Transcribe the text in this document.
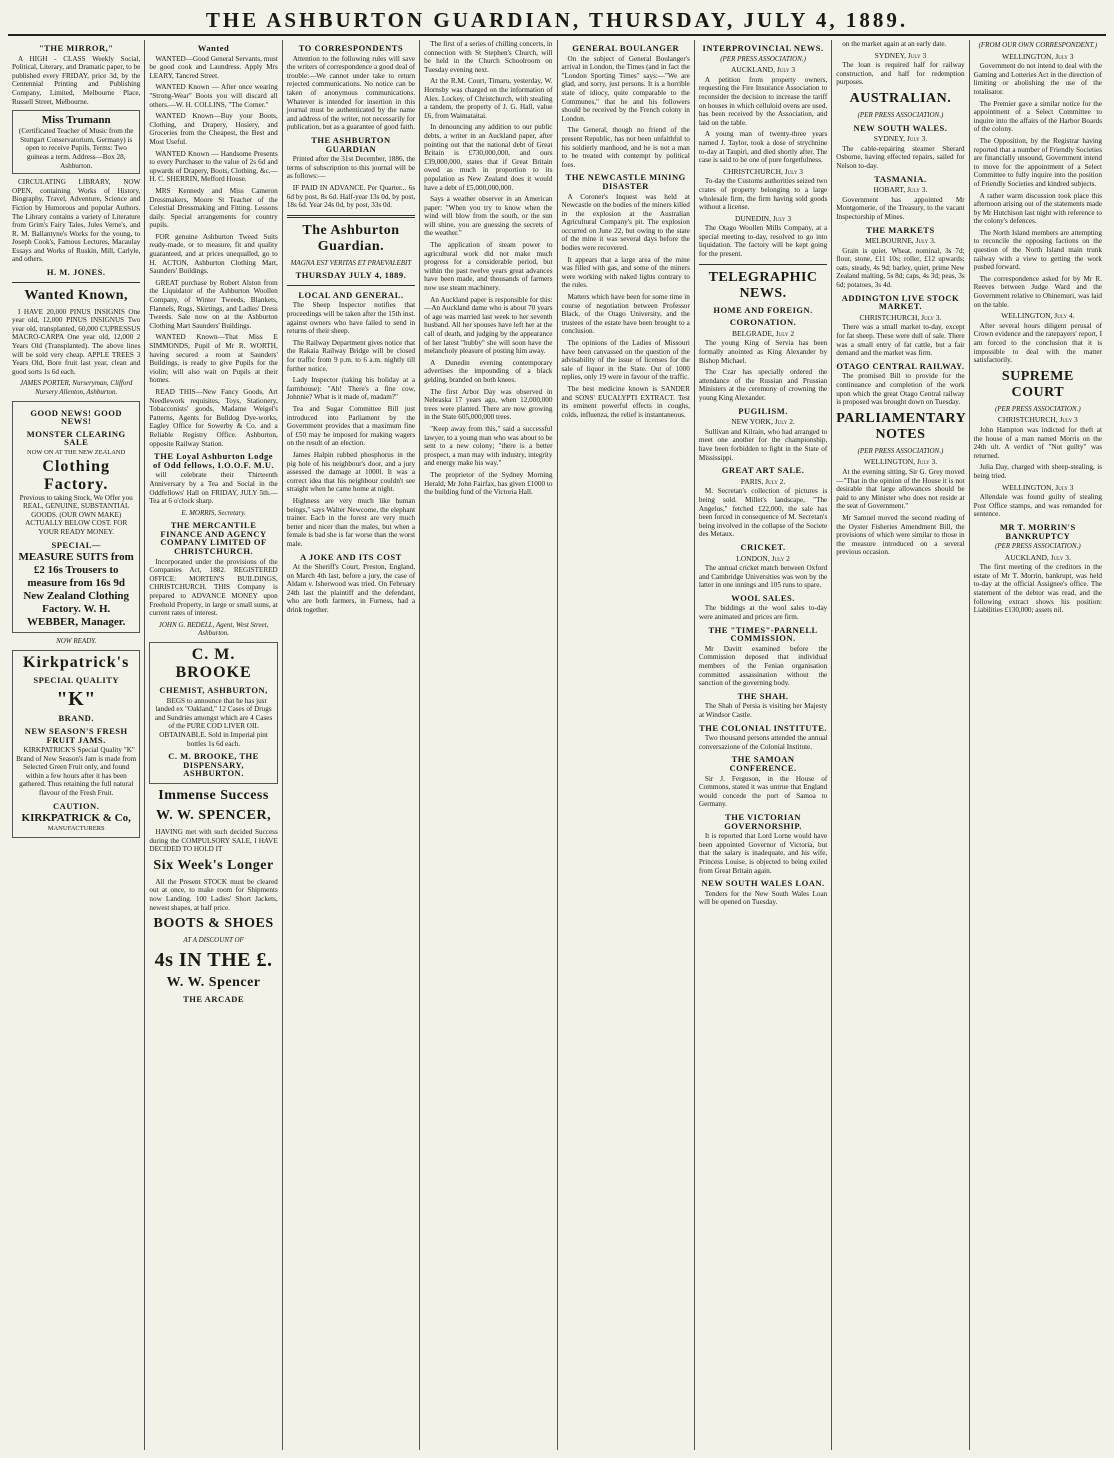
THE ASHBURTON GUARDIAN, THURSDAY, JULY 4, 1889.
"THE MIRROR,"

A HIGH - CLASS Weekly Social, Political, Literary, and Dramatic paper, to be published every FRIDAY, price 3d, by the Centennial Printing and Publishing Company, Limited, Melbourne Place, Russell Street, Melbourne.

Miss Trumann
(Certificated Teacher of Music from the Stuttgart Conservatorium, Germany) is open to receive Pupils. Terms: Two guineas a term. Address—Box 28, Ashburton.

CIRCULATING LIBRARY, NOW OPEN, containing Works of History, Biography, Travel, Adventure, Science and Fiction by Humorous and popular Authors. The Library contains a variety of Literature from Grim's Fairy Tales, Jules Verne's, and R. M. Ballantyne's Works for the young, to Joseph Cook's, Famous Lectures, Macaulay Essays and Works of Ruskin, Mill, Carlyle, and others.

H. M. JONES.
Wanted Known,

I HAVE 20,000 PINUS INSIGNIS One year old, 12,000 PINUS INSIGNUS Two year old, transplanted, 60,000 CUPRESSUS MACRO-CARPA One year old, 12,000 2 Years Old (Transplanted). The above lines will be sold very cheap. APPLE TREES 3 Years Old, Bore fruit last year, clean and good sorts 1s 6d each.

JAMES PORTER, Nurseryman, Clifford Nursery Allenton, Ashburton.
GOOD NEWS! GOOD NEWS!
MONSTER CLEARING SALE
NOW ON AT THE NEW ZEALAND
Clothing Factory.
Previous to taking Stock, We Offer you REAL, GENUINE, SUBSTANTIAL GOODS. (OUR OWN MAKE) ACTUALLY BELOW COST. FOR YOUR READY MONEY.
SPECIAL—
MEASURE SUITS from £2 16s Trousers to measure from 16s 9d
New Zealand Clothing Factory. W. H. WEBBER, Manager.
NOW READY.
Kirkpatrick's
SPECIAL QUALITY
"K"
BRAND.
NEW SEASON'S FRESH FRUIT JAMS.

KIRKPATRICK'S Special Quality "K" Brand of New Season's Jam is made from Selected Green Fruit only, and found within a few hours after it has been gathered. Thus retaining the full natural flavour of the Fresh Fruit.

CAUTION.
KIRKPATRICK & Co,
MANUFACTURERS
Wanted

WANTED—Good General Servants, must be good cook and Laundress. Apply Mrs LEARY, Tancred Street.

WANTED Known — After once wearing "Strong-Wear" Boots you will discard all others.—W. H. COLLINS, "The Corner."

WANTED Known—Buy your Boots, Clothing, and Drapery, Hosiery, and Groceries from the Cheapest, the Best and Most Useful.

WANTED Known — Handsome Presents to every Purchaser to the value of 2s 6d and upwards of Drapery, Boots, Clothing, &c.—H. C. SHERRIN, Mefford House.

MRS Kennedy and Miss Cameron Dressmakers, Moore St Teacher of the Celestial Dressmaking and Fitting. Lessons daily. Special arrangements for country pupils.

FOR genuine Ashburton Tweed Suits ready-made, or to measure, fit and quality guaranteed, and at prices unequalled, go to H. ACTON, Ashburton Clothing Mart, Saunders' Buildings.

GREAT purchase by Robert Alston from the Liquidator of the Ashburton Woollen Company, of Winter Tweeds, Blankets, Flannels, Rugs, Skirtings, and Ladies' Dress Tweeds. Sale now on at the Ashburton Clothing Mart Saunders' Buildings.

WANTED Known—That Miss E SIMMONDS, Pupil of Mr R. WORTH, having secured a room at Saunders' Buildings, is ready to give Pupils for the violin; will also wait on Pupils at their homes.

READ THIS—New Fancy Goods, Art Needlework requisites, Toys, Stationery, Tobacconists' goods, Madame Weigel's Patterns, Agents for Bulldog Dye-works, Eagley Office for Sowerby & Co. and a Reliable Registry Office. Ashburton, opposite Railway Station.

THE Loyal Ashburton Lodge of Odd fellows, I.O.O.F. M.U.

will celebrate their Thirteenth Anniversary by a Tea and Social in the Oddfellows' Hall on FRIDAY, JULY 5th.—Tea at 6 o'clock sharp.

E. MORRIS, Secretary.
THE MERCANTILE FINANCE AND AGENCY COMPANY LIMITED OF CHRISTCHURCH.

Incorporated under the provisions of the Companies Act, 1882. REGISTERED OFFICE: MORTEN'S BUILDINGS, CHRISTCHURCH. THIS Company is prepared to ADVANCE MONEY upon Freehold Property, in large or small sums, at current rates of interest.

JOHN G. BEDELL, Agent, West Street, Ashburton.
C. M. BROOKE
CHEMIST, ASHBURTON,

BEGS to announce that he has just landed ex "Oakland," 12 Cases of Drugs and Sundries amongst which are 4 Cases of the PURE COD LIVER OIL OBTAINABLE. Sold in Imperial pint bottles 1s 6d each.

C. M. BROOKE, THE DISPENSARY, ASHBURTON.
Immense Success
W. W. SPENCER,

HAVING met with such decided Success during the COMPULSORY SALE, I HAVE DECIDED TO HOLD IT

Six Week's Longer

All the Present STOCK must be cleared out at once, to make room for Shipments now Landing. 100 Ladies' Short Jackets, newest shapes, at half price.

BOOTS & SHOES
AT A DISCOUNT OF
4s IN THE £.
W. W. Spencer
THE ARCADE
TO CORRESPONDENTS

Attention to the following rules will save the writers of correspondence a good deal of trouble:—We cannot under take to return rejected communications. No notice can be taken of anonymous communications. Whatever is intended for insertion in this journal must be authenticated by the name and address of the writer, not necessarily for publication, but as a guarantee of good faith.

THE ASHBURTON GUARDIAN

Printed after the 31st December, 1886, the terms of subscription to this journal will be as follows:—

IF PAID IN ADVANCE. Per Quarter... 6s 6d by post, 8s 6d. Half-year 13s 0d, by post, 18s 6d. Year 24s 0d, by post, 33s 0d.

The Ashburton Guardian.
MAGNA EST VERITAS ET PRAEVALEBIT
THURSDAY JULY 4, 1889.
LOCAL AND GENERAL.

The Sheep Inspector notifies that proceedings will be taken after the 15th inst. against owners who have failed to send in returns of their sheep.

The Railway Department gives notice that the Rakaia Railway Bridge will be closed for traffic from 9 p.m. to 6 a.m. nightly till further notice.

Lady Inspector (taking his holiday at a farmhouse): "Ah! There's a fine cow, Johnnie? What is it made of, madam?"

Tea and Sugar Committee Bill just introduced into Parliament by the Government provides that a maximum fine of £50 may be imposed for making wagers on the result of an election.

James Halpin rubbed phosphorus in the pig hole of his neighbour's door, and a jury assessed the damage at 1000l. It was a correct idea that his neighbour couldn't see straight when he came home at night.

Highness are very much like human beings," says Walter Newcome, the elephant trainer. Each in the forest are very much better and nicer than the males, but when a female is bad she is far worse than the worst male.

A JOKE AND ITS COST

At the Sheriff's Court, Preston, England, on March 4th last, before a jury, the case of Aldam v. Isherwood was tried. On February 24th last the plaintiff and the defendant, who are both farmers, in Furness, had a drink together.

The first of a series of chilling concerts, in connection with St Stephen's Church, will be held in the Church Schoolroom on Tuesday evening next.

At the R.M. Court, Timaru, yesterday, W. Hornsby was charged on the information of Alex. Lockey, of Christchurch, with stealing a tandem, the property of J. G. Hall, value £6, from Waimataitai.

In denouncing any addition to our public debts, a writer in an Auckland paper, after pointing out that the national debt of Great Britain is £730,000,000, and ours £39,000,000, states that if Great Britain owed as much in proportion to its population as New Zealand does it would have a debt of £5,000,000,000.

Says a weather observer in an American paper: "When you try to know when the wind will blow from the south, or the sun will shine, you are guessing the secrets of the weather."

The application of steam power to agricultural work did not make much progress for a considerable period, but within the past twelve years great advances have been made, and thousands of farmers now use steam machinery.

An Auckland paper is responsible for this:—An Auckland dame who is about 70 years of age was married last week to her seventh husband. All her spouses have left her at the call of death, and judging by the appearance of her latest "hubby" she will soon have the melancholy pleasure of posting him away.

A Dunedin evening contemporary advertises the impounding of a black gelding, branded on both knees.

The first Arbor Day was observed in Nebraska 17 years ago, when 12,000,000 trees were planted. There are now growing in the State 605,000,000 trees.

"Keep away from this," said a successful lawyer, to a young man who was about to be sent to a new colony; "there is a better prospect, a man may with industry, integrity and energy make his way."

The proprietor of the Sydney Morning Herald, Mr John Fairfax, has given £1000 to the building fund of the Victoria Hall.

GENERAL BOULANGER

On the subject of General Boulanger's arrival in London, the Times (and in fact the "London Sporting Times" says:—"We are glad, and sorry, just persons. It is a horrible state of idiocy, quite comparable to the Communes," that he and his followers should be received by the French colony in London.

The General, though no friend of the present Republic, has not been unfaithful to his soldierly manhood, and he is not a man to be treated with contempt by political foes.

THE NEWCASTLE MINING DISASTER

A Coroner's Inquest was held at Newcastle on the bodies of the miners killed in the explosion at the Australian Agricultural Company's pit. The explosion occurred on June 22, but owing to the state of the mine it was several days before the bodies were recovered.

It appears that a large area of the mine was filled with gas, and some of the miners were working with naked lights contrary to the rules.

Matters which have been for some time in course of negotiation between Professor Black, of the Otago University, and the trustees of the estate have been brought to a conclusion.

The opinions of the Ladies of Missouri have been canvassed on the question of the advisability of the issue of licenses for the sale of liquor in the State. Out of 1000 replies, only 19 were in favour of the traffic.

The best medicine known is SANDER and SONS' EUCALYPTI EXTRACT. Test its eminent powerful effects in coughs, colds, influenza, the relief is instantaneous.

INTERPROVINCIAL NEWS.
(PER PRESS ASSOCIATION.)
AUCKLAND, July 3

A petition from property owners, requesting the Fire Insurance Association to reconsider the decision to increase the tariff on houses in which celluloid ovens are used, has been received by the Association, and laid on the table.

A young man of twenty-three years named J. Taylor, took a dose of strychnine to-day at Taupiri, and died shortly after. The case is said to be one of pure forgetfulness.

CHRISTCHURCH, July 3

To-day the Customs authorities seized two crates of property belonging to a large wholesale firm, the firm having sold goods without a license.

DUNEDIN, July 3

The Otago Woollen Mills Company, at a special meeting to-day, resolved to go into liquidation. The factory will be kept going for the present.

TELEGRAPHIC NEWS.
HOME AND FOREIGN.
CORONATION.
BELGRADE, July 2

The young King of Servia has been formally anointed as King Alexander by Bishop Michael.

The Czar has specially ordered the attendance of the Russian and Prussian Ministers at the ceremony of crowning the young King Alexander.

PUGILISM.
NEW YORK, July 2.

Sullivan and Kilrain, who had arranged to meet one another for the championship, have been forbidden to fight in the State of Mississippi.

GREAT ART SALE.
PARIS, July 2.

M. Secretan's collection of pictures is being sold. Millet's landscape, "The Angelus," fetched £22,000, the sale has been forced in consequence of M. Secretan's being involved in the collapse of the Societe des Metaux.

CRICKET.
LONDON, July 2

The annual cricket match between Oxford and Cambridge Universities was won by the latter in one innings and 105 runs to spare.

WOOL SALES.

The biddings at the wool sales to-day were animated and prices are firm.

THE "TIMES"-PARNELL COMMISSION.

Mr Davitt examined before the Commission deposed that individual members of the Fenian organisation committed assassination without the sanction of the governing body.

THE SHAH.

The Shah of Persia is visiting her Majesty at Windsor Castle.

THE COLONIAL INSTITUTE.

Two thousand persons attended the annual conversazione of the Colonial Institute.

THE SAMOAN CONFERENCE.

Sir J. Ferguson, in the House of Commons, stated it was untrue that England would concede the port of Samoa to Germany.

THE VICTORIAN GOVERNORSHIP.

It is reported that Lord Lorne would have been appointed Governor of Victoria, but that the salary is inadequate, and his wife, Princess Louise, is objected to being exiled from Great Britain again.

NEW SOUTH WALES LOAN.

Tenders for the New South Wales Loan will be opened on Tuesday.

on the market again at an early date.

SYDNEY, July 3

The loan is required half for railway construction, and half for redemption purposes.

AUSTRALIAN.
(PER PRESS ASSOCIATION.)
NEW SOUTH WALES.
SYDNEY, July 3.

The cable-repairing steamer Sherard Osborne, having effected repairs, sailed for Nelson to-day.

TASMANIA.
HOBART, July 3.

Government has appointed Mr Montgomerie, of the Treasury, to the vacant Inspectorship of Mines.

THE MARKETS
MELBOURNE, July 3.

Grain is quiet. Wheat, nominal, 3s 7d; flour, stone, £11 10s; roller, £12 upwards; oats, steady, 4s 9d; barley, quiet, prime New Zealand malting, 5s 8d; caps, 4s 3d; peas, 3s 6d; potatoes, 3s 4d.

ADDINGTON LIVE STOCK MARKET.
CHRISTCHURCH, July 3.

There was a small market to-day, except for fat sheep. These were dull of sale. There was a small entry of fat cattle, but a fair demand and the market was firm.

OTAGO CENTRAL RAILWAY.

The promised Bill to provide for the continuance and completion of the work upon which the great Otago Central railway is proposed was brought down on Tuesday.

PARLIAMENTARY NOTES
(PER PRESS ASSOCIATION.)
WELLINGTON, July 3.

At the evening sitting, Sir G. Grey moved—"That in the opinion of the House it is not desirable that large allowances should be paid to any Minister who does not reside at the seat of Government."

Mr Samuel moved the second reading of the Oyster Fisheries Amendment Bill, the provisions of which were similar to those in the measure introduced on a several previous occasion.

(FROM OUR OWN CORRESPONDENT.)
WELLINGTON, July 3

Government do not intend to deal with the Gaming and Lotteries Act in the direction of limiting or abolishing the use of the totalisator.

The Premier gave a similar notice for the appointment of a Select Committee to inquire into the affairs of the Harbor Boards of the colony.

The Opposition, by the Registrar having reported that a number of Friendly Societies are financially unsound, Government intend to move for the appointment of a Select Committee to fully inquire into the position of Friendly Societies and kindred subjects.

A rather warm discussion took place this afternoon arising out of the statements made by Mr Hutchison last night with reference to the colony's defences.

The North Island members are attempting to reconcile the opposing factions on the question of the North Island main trunk railway with a view to getting the work pushed forward.

The correspondence asked for by Mr R. Reeves between Judge Ward and the Government relative to Ohinemuri, was laid on the table.

WELLINGTON, July 4.

After several hours diligent perusal of Crown evidence and the ratepayers' report, I am forced to the conclusion that it is impossible to deal with the matter satisfactorily.

SUPREME COURT
(PER PRESS ASSOCIATION.)
CHRISTCHURCH, July 3

John Hampton was indicted for theft at the house of a man named Morris on the 24th ult. A verdict of "Not guilty" was returned.

Julia Day, charged with sheep-stealing, is being tried.

WELLINGTON, July 3

Allendale was found guilty of stealing Post Office stamps, and was remanded for sentence.

MR T. MORRIN'S BANKRUPTCY
(PER PRESS ASSOCIATION.)
AUCKLAND, July 3.

The first meeting of the creditors in the estate of Mr T. Morrin, bankrupt, was held to-day at the official Assignee's office. The statement of the debtor was read, and the following extract shows his position: Liabilities £130,000; assets nil.
